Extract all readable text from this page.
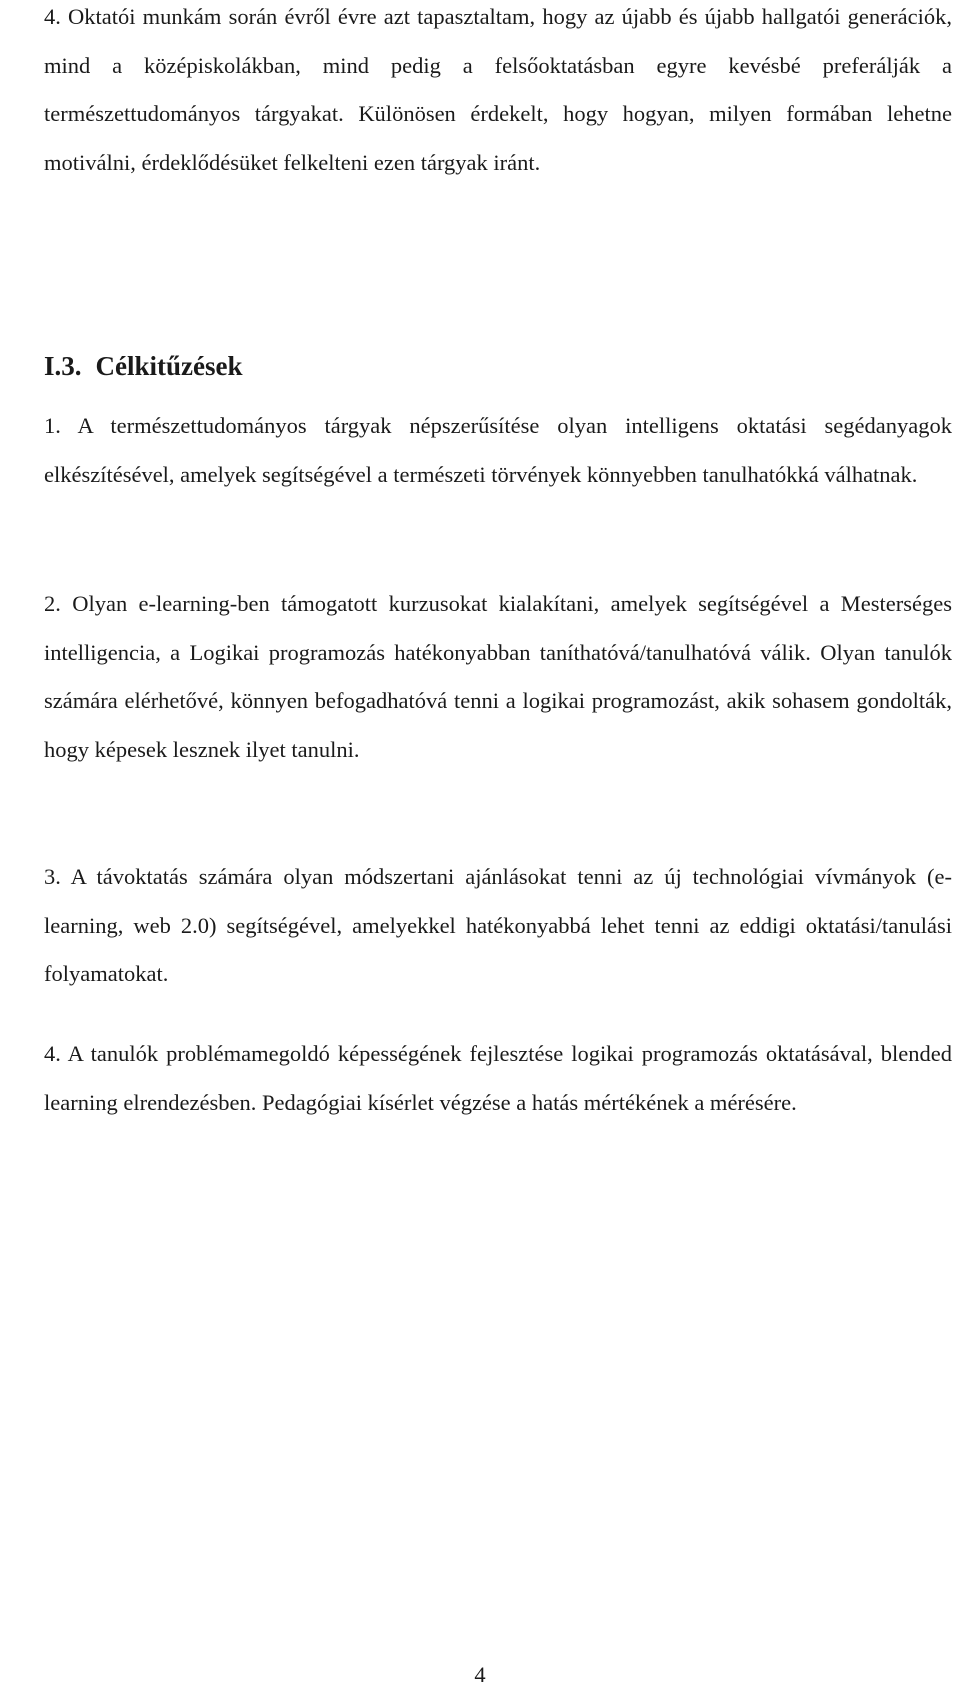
4. Oktatói munkám során évről évre azt tapasztaltam, hogy az újabb és újabb hallgatói generációk, mind a középiskolákban, mind pedig a felsőoktatásban egyre kevésbé preferálják a természettudományos tárgyakat. Különösen érdekelt, hogy hogyan, milyen formában lehetne motiválni, érdeklődésüket felkelteni ezen tárgyak iránt.

I.3. Célkitűzések

1. A természettudományos tárgyak népszerűsítése olyan intelligens oktatási segédanyagok elkészítésével, amelyek segítségével a természeti törvények könnyebben tanulhatókká válhatnak.

2. Olyan e-learning-ben támogatott kurzusokat kialakítani, amelyek segítségével a Mesterséges intelligencia, a Logikai programozás hatékonyabban taníthatóvá/tanulhatóvá válik. Olyan tanulók számára elérhetővé, könnyen befogadhatóvá tenni a logikai programozást, akik sohasem gondolták, hogy képesek lesznek ilyet tanulni.

3. A távoktatás számára olyan módszertani ajánlásokat tenni az új technológiai vívmányok (e-learning, web 2.0) segítségével, amelyekkel hatékonyabbá lehet tenni az eddigi oktatási/tanulási folyamatokat.

4. A tanulók problémamegoldó képességének fejlesztése logikai programozás oktatásával, blended learning elrendezésben. Pedagógiai kísérlet végzése a hatás mértékének a mérésére.

4
